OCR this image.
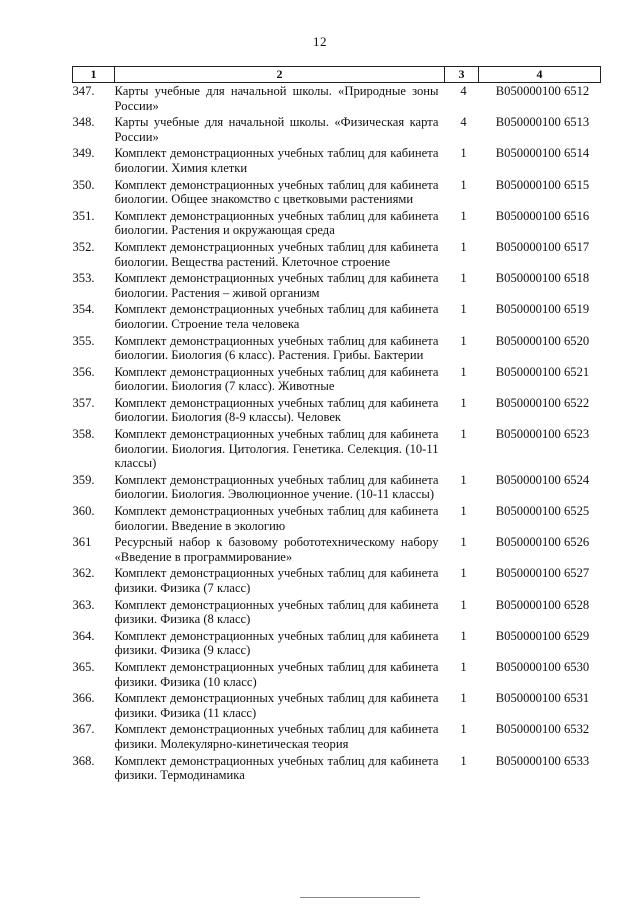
12
1	2	3	4
347.	Карты учебные для начальной школы. «Природные зоны России»	4	В050000100 6512
348.	Карты учебные для начальной школы. «Физическая карта России»	4	В050000100 6513
349.	Комплект демонстрационных учебных таблиц для кабинета биологии. Химия клетки	1	В050000100 6514
350.	Комплект демонстрационных учебных таблиц для кабинета биологии. Общее знакомство с цветковыми растениями	1	В050000100 6515
351.	Комплект демонстрационных учебных таблиц для кабинета биологии. Растения и окружающая среда	1	В050000100 6516
352.	Комплект демонстрационных учебных таблиц для кабинета биологии. Вещества растений. Клеточное строение	1	В050000100 6517
353.	Комплект демонстрационных учебных таблиц для кабинета биологии. Растения – живой организм	1	В050000100 6518
354.	Комплект демонстрационных учебных таблиц для кабинета биологии. Строение тела человека	1	В050000100 6519
355.	Комплект демонстрационных учебных таблиц для кабинета биологии. Биология (6 класс). Растения. Грибы. Бактерии	1	В050000100 6520
356.	Комплект демонстрационных учебных таблиц для кабинета биологии. Биология (7 класс). Животные	1	В050000100 6521
357.	Комплект демонстрационных учебных таблиц для кабинета биологии. Биология (8-9 классы). Человек	1	В050000100 6522
358.	Комплект демонстрационных учебных таблиц для кабинета биологии. Биология. Цитология. Генетика. Селекция. (10-11 классы)	1	В050000100 6523
359.	Комплект демонстрационных учебных таблиц для кабинета биологии. Биология. Эволюционное учение. (10-11 классы)	1	В050000100 6524
360.	Комплект демонстрационных учебных таблиц для кабинета биологии. Введение в экологию	1	В050000100 6525
361	Ресурсный набор к базовому робототехническому набору «Введение в программирование»	1	В050000100 6526
362.	Комплект демонстрационных учебных таблиц для кабинета физики. Физика (7 класс)	1	В050000100 6527
363.	Комплект демонстрационных учебных таблиц для кабинета физики. Физика (8 класс)	1	В050000100 6528
364.	Комплект демонстрационных учебных таблиц для кабинета физики. Физика (9 класс)	1	В050000100 6529
365.	Комплект демонстрационных учебных таблиц для кабинета физики. Физика (10 класс)	1	В050000100 6530
366.	Комплект демонстрационных учебных таблиц для кабинета физики. Физика (11 класс)	1	В050000100 6531
367.	Комплект демонстрационных учебных таблиц для кабинета физики. Молекулярно-кинетическая теория	1	В050000100 6532
368.	Комплект демонстрационных учебных таблиц для кабинета физики. Термодинамика	1	В050000100 6533
